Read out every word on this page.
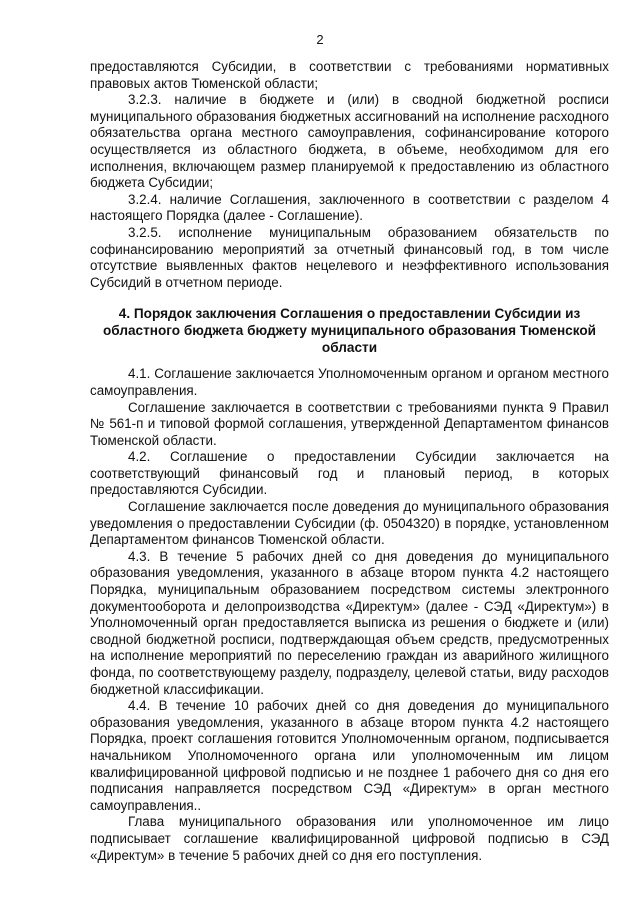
2

предоставляются Субсидии, в соответствии с требованиями нормативных правовых актов Тюменской области;

3.2.3. наличие в бюджете и (или) в сводной бюджетной росписи муниципального образования бюджетных ассигнований на исполнение расходного обязательства органа местного самоуправления, софинансирование которого осуществляется из областного бюджета, в объеме, необходимом для его исполнения, включающем размер планируемой к предоставлению из областного бюджета Субсидии;

3.2.4. наличие Соглашения, заключенного в соответствии с разделом 4 настоящего Порядка (далее - Соглашение).

3.2.5. исполнение муниципальным образованием обязательств по софинансированию мероприятий за отчетный финансовый год, в том числе отсутствие выявленных фактов нецелевого и неэффективного использования Субсидий в отчетном периоде.

4. Порядок заключения Соглашения о предоставлении Субсидии из областного бюджета бюджету муниципального образования Тюменской области

4.1. Соглашение заключается Уполномоченным органом и органом местного самоуправления.

Соглашение заключается в соответствии с требованиями пункта 9 Правил № 561-п и типовой формой соглашения, утвержденной Департаментом финансов Тюменской области.

4.2. Соглашение о предоставлении Субсидии заключается на соответствующий финансовый год и плановый период, в которых предоставляются Субсидии.

Соглашение заключается после доведения до муниципального образования уведомления о предоставлении Субсидии (ф. 0504320) в порядке, установленном Департаментом финансов Тюменской области.

4.3. В течение 5 рабочих дней со дня доведения до муниципального образования уведомления, указанного в абзаце втором пункта 4.2 настоящего Порядка, муниципальным образованием посредством системы электронного документооборота и делопроизводства «Директум» (далее - СЭД «Директум») в Уполномоченный орган предоставляется выписка из решения о бюджете и (или) сводной бюджетной росписи, подтверждающая объем средств, предусмотренных на исполнение мероприятий по переселению граждан из аварийного жилищного фонда, по соответствующему разделу, подразделу, целевой статьи, виду расходов бюджетной классификации.

4.4. В течение 10 рабочих дней со дня доведения до муниципального образования уведомления, указанного в абзаце втором пункта 4.2 настоящего Порядка, проект соглашения готовится Уполномоченным органом, подписывается начальником Уполномоченного органа или уполномоченным им лицом квалифицированной цифровой подписью и не позднее 1 рабочего дня со дня его подписания направляется посредством СЭД «Директум» в орган местного самоуправления..

Глава муниципального образования или уполномоченное им лицо подписывает соглашение квалифицированной цифровой подписью в СЭД «Директум» в течение 5 рабочих дней со дня его поступления.
